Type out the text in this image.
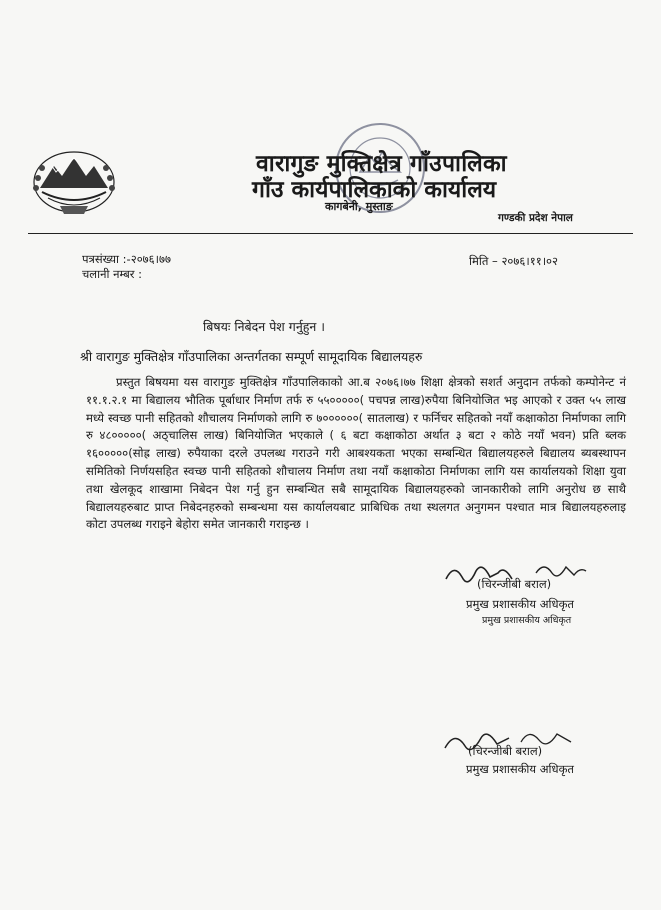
वारागुङ मुक्तिक्षेत्र गाँउपालिका
गाँउ कार्यपालिकाको कार्यालय
कागबेनी, मुस्ताङ
गण्डकी प्रदेश नेपाल
पत्रसंख्या :-२०७६।७७
चलानी नम्बर :
मिति – २०७६।११।०२
बिषयः निबेदन पेश गर्नुहुन ।
श्री वारागुङ मुक्तिक्षेत्र गाँउपालिका अन्तर्गतका सम्पूर्ण सामूदायिक बिद्यालयहरु
प्रस्तुत बिषयमा यस वारागुङ मुक्तिक्षेत्र गाँउपालिकाको आ.ब २०७६।७७ शिक्षा क्षेत्रको सशर्त अनुदान तर्फको कम्पोनेन्ट नं ११.१.२.१ मा बिद्यालय भौतिक पूर्बाधार निर्माण तर्फ रु ५५०००००( पचपन्न लाख)रुपैया बिनियोजित भइ आएको र उक्त ५५ लाख मध्ये स्वच्छ पानी सहितको शौचालय निर्माणको लागि रु ७००००००( सातलाख) र फर्निचर सहितको नयाँ कक्षाकोठा निर्माणका लागि रु ४८०००००( अठ्चालिस लाख) बिनियोजित भएकाले ( ६ बटा कक्षाकोठा अर्थात ३ बटा २ कोठे नयाँ भवन) प्रति ब्लक १६०००००(सोह्र लाख) रुपैयाका दरले उपलब्ध गराउने गरी आबश्यकता भएका सम्बन्धित बिद्यालयहरुले बिद्यालय ब्यबस्थापन समितिको निर्णयसहित स्वच्छ पानी सहितको शौचालय निर्माण तथा नयाँ कक्षाकोठा निर्माणका लागि यस कार्यालयको शिक्षा युवा तथा खेलकूद शाखामा निबेदन पेश गर्नु हुन सम्बन्धित सबै सामूदायिक बिद्यालयहरुको जानकारीको लागि अनुरोध छ साथै बिद्यालयहरुबाट प्राप्त निबेदनहरुको सम्बन्धमा यस कार्यालयबाट प्राबिधिक तथा स्थलगत अनुगमन पश्चात मात्र बिद्यालयहरुलाइ कोटा उपलब्ध गराइने बेहोरा समेत जानकारी गराइन्छ ।
(चिरन्जीबी बराल)
प्रमुख प्रशासकीय अधिकृत
प्रमुख प्रशासकीय अधिकृत
(चिरन्जीबी बराल)
प्रमुख प्रशासकीय अधिकृत
